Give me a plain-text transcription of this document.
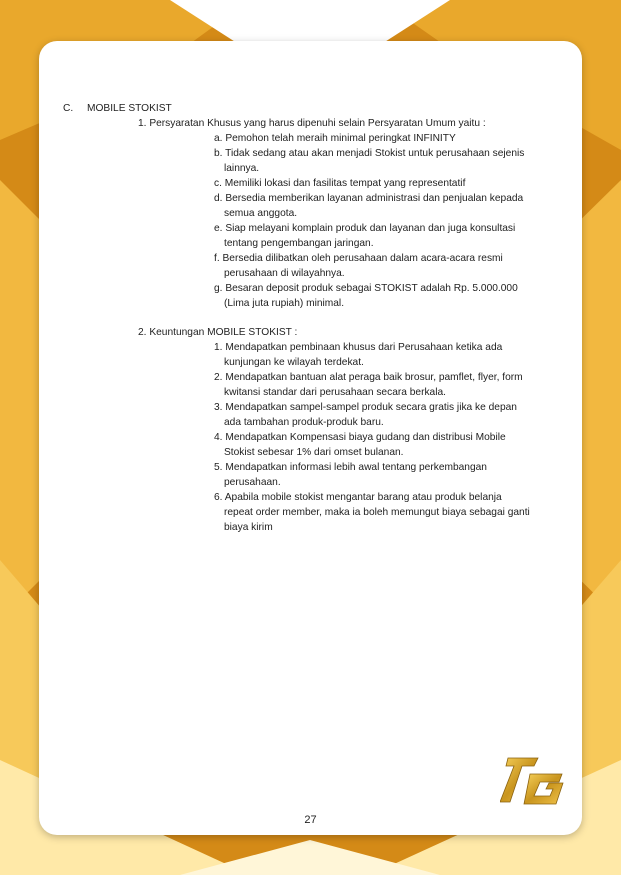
C. MOBILE STOKIST
1. Persyaratan Khusus yang harus dipenuhi selain Persyaratan Umum yaitu :
a. Pemohon telah meraih minimal peringkat INFINITY
b. Tidak sedang atau akan menjadi Stokist untuk perusahaan sejenis
lainnya.
c. Memiliki lokasi dan fasilitas tempat yang representatif
d. Bersedia memberikan layanan administrasi dan penjualan kepada
semua anggota.
e. Siap melayani komplain produk dan layanan dan juga konsultasi
tentang pengembangan jaringan.
f. Bersedia dilibatkan oleh perusahaan dalam acara-acara resmi
perusahaan di wilayahnya.
g. Besaran deposit produk sebagai STOKIST adalah Rp. 5.000.000
(Lima juta rupiah) minimal.
2. Keuntungan MOBILE STOKIST :
1. Mendapatkan pembinaan khusus dari Perusahaan ketika ada
kunjungan ke wilayah terdekat.
2. Mendapatkan bantuan alat peraga baik brosur, pamflet, flyer, form
kwitansi standar dari perusahaan secara berkala.
3. Mendapatkan sampel-sampel produk secara gratis jika ke depan
ada tambahan produk-produk baru.
4. Mendapatkan Kompensasi biaya gudang dan distribusi Mobile
Stokist sebesar 1% dari omset bulanan.
5. Mendapatkan informasi lebih awal tentang perkembangan
perusahaan.
6. Apabila mobile stokist mengantar barang atau produk belanja
repeat order member, maka ia boleh memungut biaya sebagai ganti
biaya kirim
27
